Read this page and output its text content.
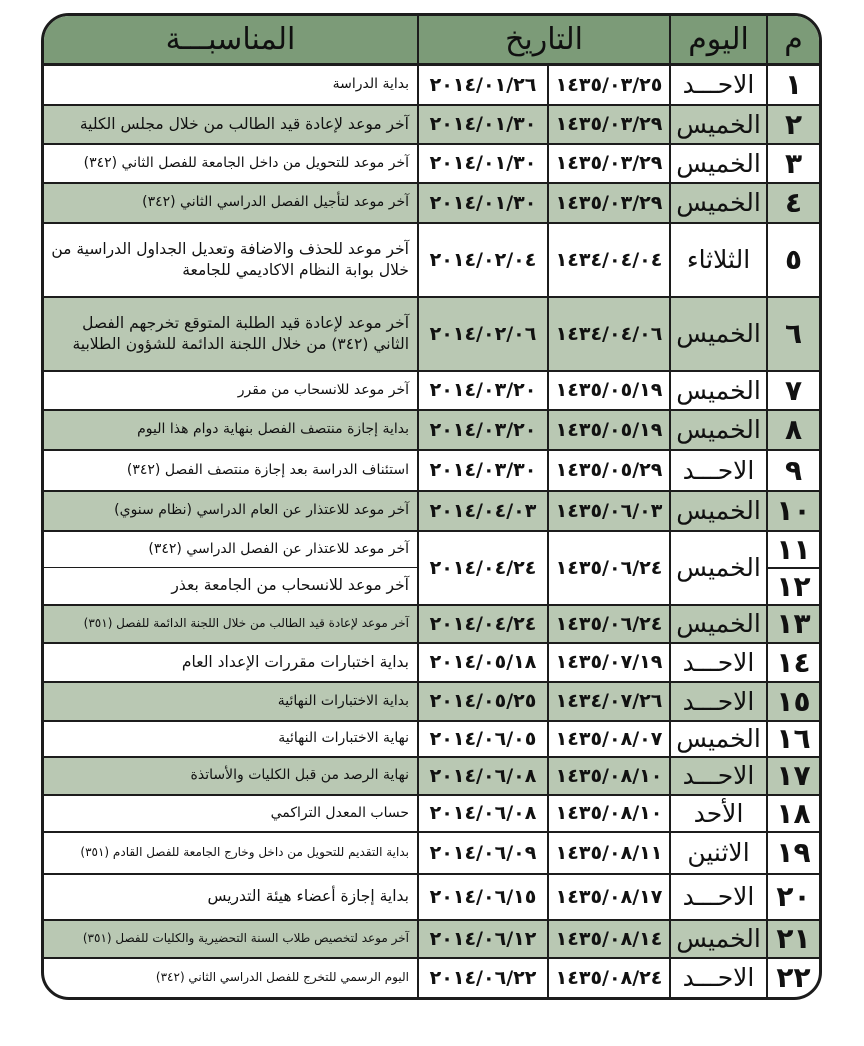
م	اليوم	التاريخ		المناسبـــة
١	الاحـــد	١٤٣٥/٠٣/٢٥	٢٠١٤/٠١/٢٦	بداية الدراسة
٢	الخميس	١٤٣٥/٠٣/٢٩	٢٠١٤/٠١/٣٠	آخر موعد لإعادة قيد الطالب من خلال مجلس الكلية
٣	الخميس	١٤٣٥/٠٣/٢٩	٢٠١٤/٠١/٣٠	آخر موعد للتحويل من داخل الجامعة للفصل الثاني (٣٤٢)
٤	الخميس	١٤٣٥/٠٣/٢٩	٢٠١٤/٠١/٣٠	آخر موعد لتأجيل الفصل الدراسي الثاني (٣٤٢)
٥	الثلاثاء	١٤٣٤/٠٤/٠٤	٢٠١٤/٠٢/٠٤	آخر موعد للحذف والاضافة وتعديل الجداول الدراسية من خلال بوابة النظام الاكاديمي للجامعة
٦	الخميس	١٤٣٤/٠٤/٠٦	٢٠١٤/٠٢/٠٦	آخر موعد لإعادة قيد الطلبة المتوقع تخرجهم الفصل الثاني (٣٤٢) من خلال اللجنة الدائمة للشؤون الطلابية
٧	الخميس	١٤٣٥/٠٥/١٩	٢٠١٤/٠٣/٢٠	آخر موعد للانسحاب من مقرر
٨	الخميس	١٤٣٥/٠٥/١٩	٢٠١٤/٠٣/٢٠	بداية إجازة منتصف الفصل بنهاية دوام هذا اليوم
٩	الاحـــد	١٤٣٥/٠٥/٢٩	٢٠١٤/٠٣/٣٠	استئناف الدراسة بعد إجازة منتصف الفصل (٣٤٢)
١٠	الخميس	١٤٣٥/٠٦/٠٣	٢٠١٤/٠٤/٠٣	آخر موعد للاعتذار عن العام الدراسي (نظام سنوي)
١١	الخميس	١٤٣٥/٠٦/٢٤	٢٠١٤/٠٤/٢٤	آخر موعد للاعتذار عن الفصل الدراسي (٣٤٢)
١٢				آخر موعد للانسحاب من الجامعة بعذر
١٣	الخميس	١٤٣٥/٠٦/٢٤	٢٠١٤/٠٤/٢٤	آخر موعد لإعادة قيد الطالب من خلال اللجنة الدائمة للفصل (٣٥١)
١٤	الاحـــد	١٤٣٥/٠٧/١٩	٢٠١٤/٠٥/١٨	بداية اختبارات مقررات الإعداد العام
١٥	الاحـــد	١٤٣٤/٠٧/٢٦	٢٠١٤/٠٥/٢٥	بداية الاختبارات النهائية
١٦	الخميس	١٤٣٥/٠٨/٠٧	٢٠١٤/٠٦/٠٥	نهاية الاختبارات النهائية
١٧	الاحـــد	١٤٣٥/٠٨/١٠	٢٠١٤/٠٦/٠٨	نهاية الرصد من قبل الكليات والأساتذة
١٨	الأحد	١٤٣٥/٠٨/١٠	٢٠١٤/٠٦/٠٨	حساب المعدل التراكمي
١٩	الاثنين	١٤٣٥/٠٨/١١	٢٠١٤/٠٦/٠٩	بداية التقديم للتحويل من داخل وخارج الجامعة للفصل القادم (٣٥١)
٢٠	الاحـــد	١٤٣٥/٠٨/١٧	٢٠١٤/٠٦/١٥	بداية إجازة أعضاء هيئة التدريس
٢١	الخميس	١٤٣٥/٠٨/١٤	٢٠١٤/٠٦/١٢	آخر موعد لتخصيص طلاب السنة التحضيرية والكليات للفصل (٣٥١)
٢٢	الاحـــد	١٤٣٥/٠٨/٢٤	٢٠١٤/٠٦/٢٢	اليوم الرسمي للتخرج للفصل الدراسي الثاني (٣٤٢)
